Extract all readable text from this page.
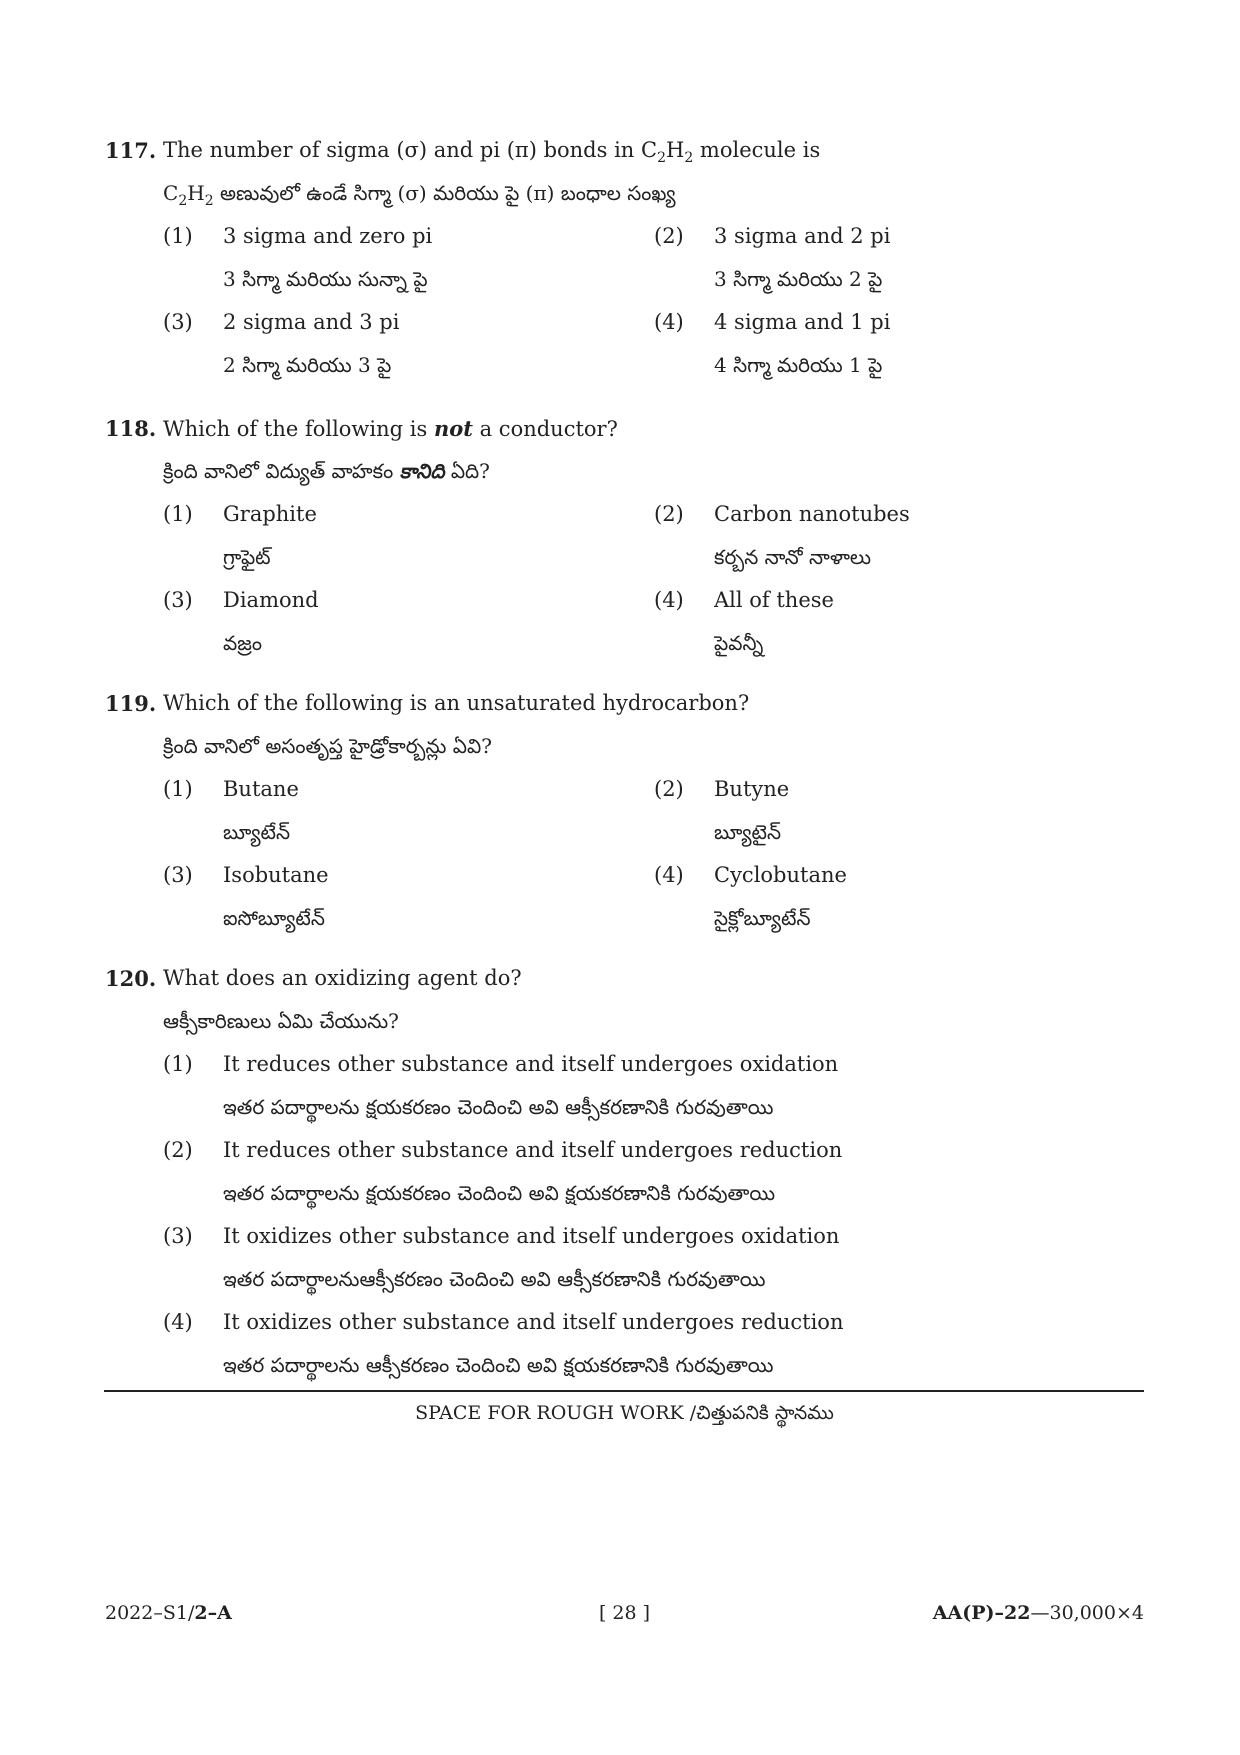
117. The number of sigma (σ) and pi (π) bonds in $C_2H_2$ molecule is
$C_2H_2$ అణువులో ఉండే సిగ్మా (σ) మరియు పై (π) బంధాల సంఖ్య
(1)	3 sigma and zero pi
3 సిగ్మా మరియు సున్నా పై
(2)	3 sigma and 2 pi
3 సిగ్మా మరియు 2 పై
(3)	2 sigma and 3 pi
2 సిగ్మా మరియు 3 పై
(4)	4 sigma and 1 pi
4 సిగ్మా మరియు 1 పై
118. Which of the following is not a conductor?
క్రింది వానిలో విద్యుత్ వాహకం కానిది ఏది?
(1)	Graphite
గ్రాఫైట్
(2)	Carbon nanotubes
కర్బన నానో నాళాలు
(3)	Diamond
వజ్రం
(4)	All of these
పైవన్నీ
119. Which of the following is an unsaturated hydrocarbon?
క్రింది వానిలో అసంతృప్త హైడ్రోకార్బన్లు ఏవి?
(1)	Butane
బ్యూటేన్
(2)	Butyne
బ్యూటైన్
(3)	Isobutane
ఐసోబ్యూటేన్
(4)	Cyclobutane
సైక్లోబ్యూటేన్
120. What does an oxidizing agent do?
ఆక్సీకారిణులు ఏమి చేయును?
(1)	It reduces other substance and itself undergoes oxidation
ఇతర పదార్థాలను క్షయకరణం చెందించి అవి ఆక్సీకరణానికి గురవుతాయి
(2)	It reduces other substance and itself undergoes reduction
ఇతర పదార్థాలను క్షయకరణం చెందించి అవి క్షయకరణానికి గురవుతాయి
(3)	It oxidizes other substance and itself undergoes oxidation
ఇతర పదార్థాలనుఆక్సీకరణం చెందించి అవి ఆక్సీకరణానికి గురవుతాయి
(4)	It oxidizes other substance and itself undergoes reduction
ఇతర పదార్థాలను ఆక్సీకరణం చెందించి అవి క్షయకరణానికి గురవుతాయి
SPACE FOR ROUGH WORK /చిత్తుపనికి స్థానము
2022–S1/2–A	[ 28 ]	AA(P)–22—30,000×4
